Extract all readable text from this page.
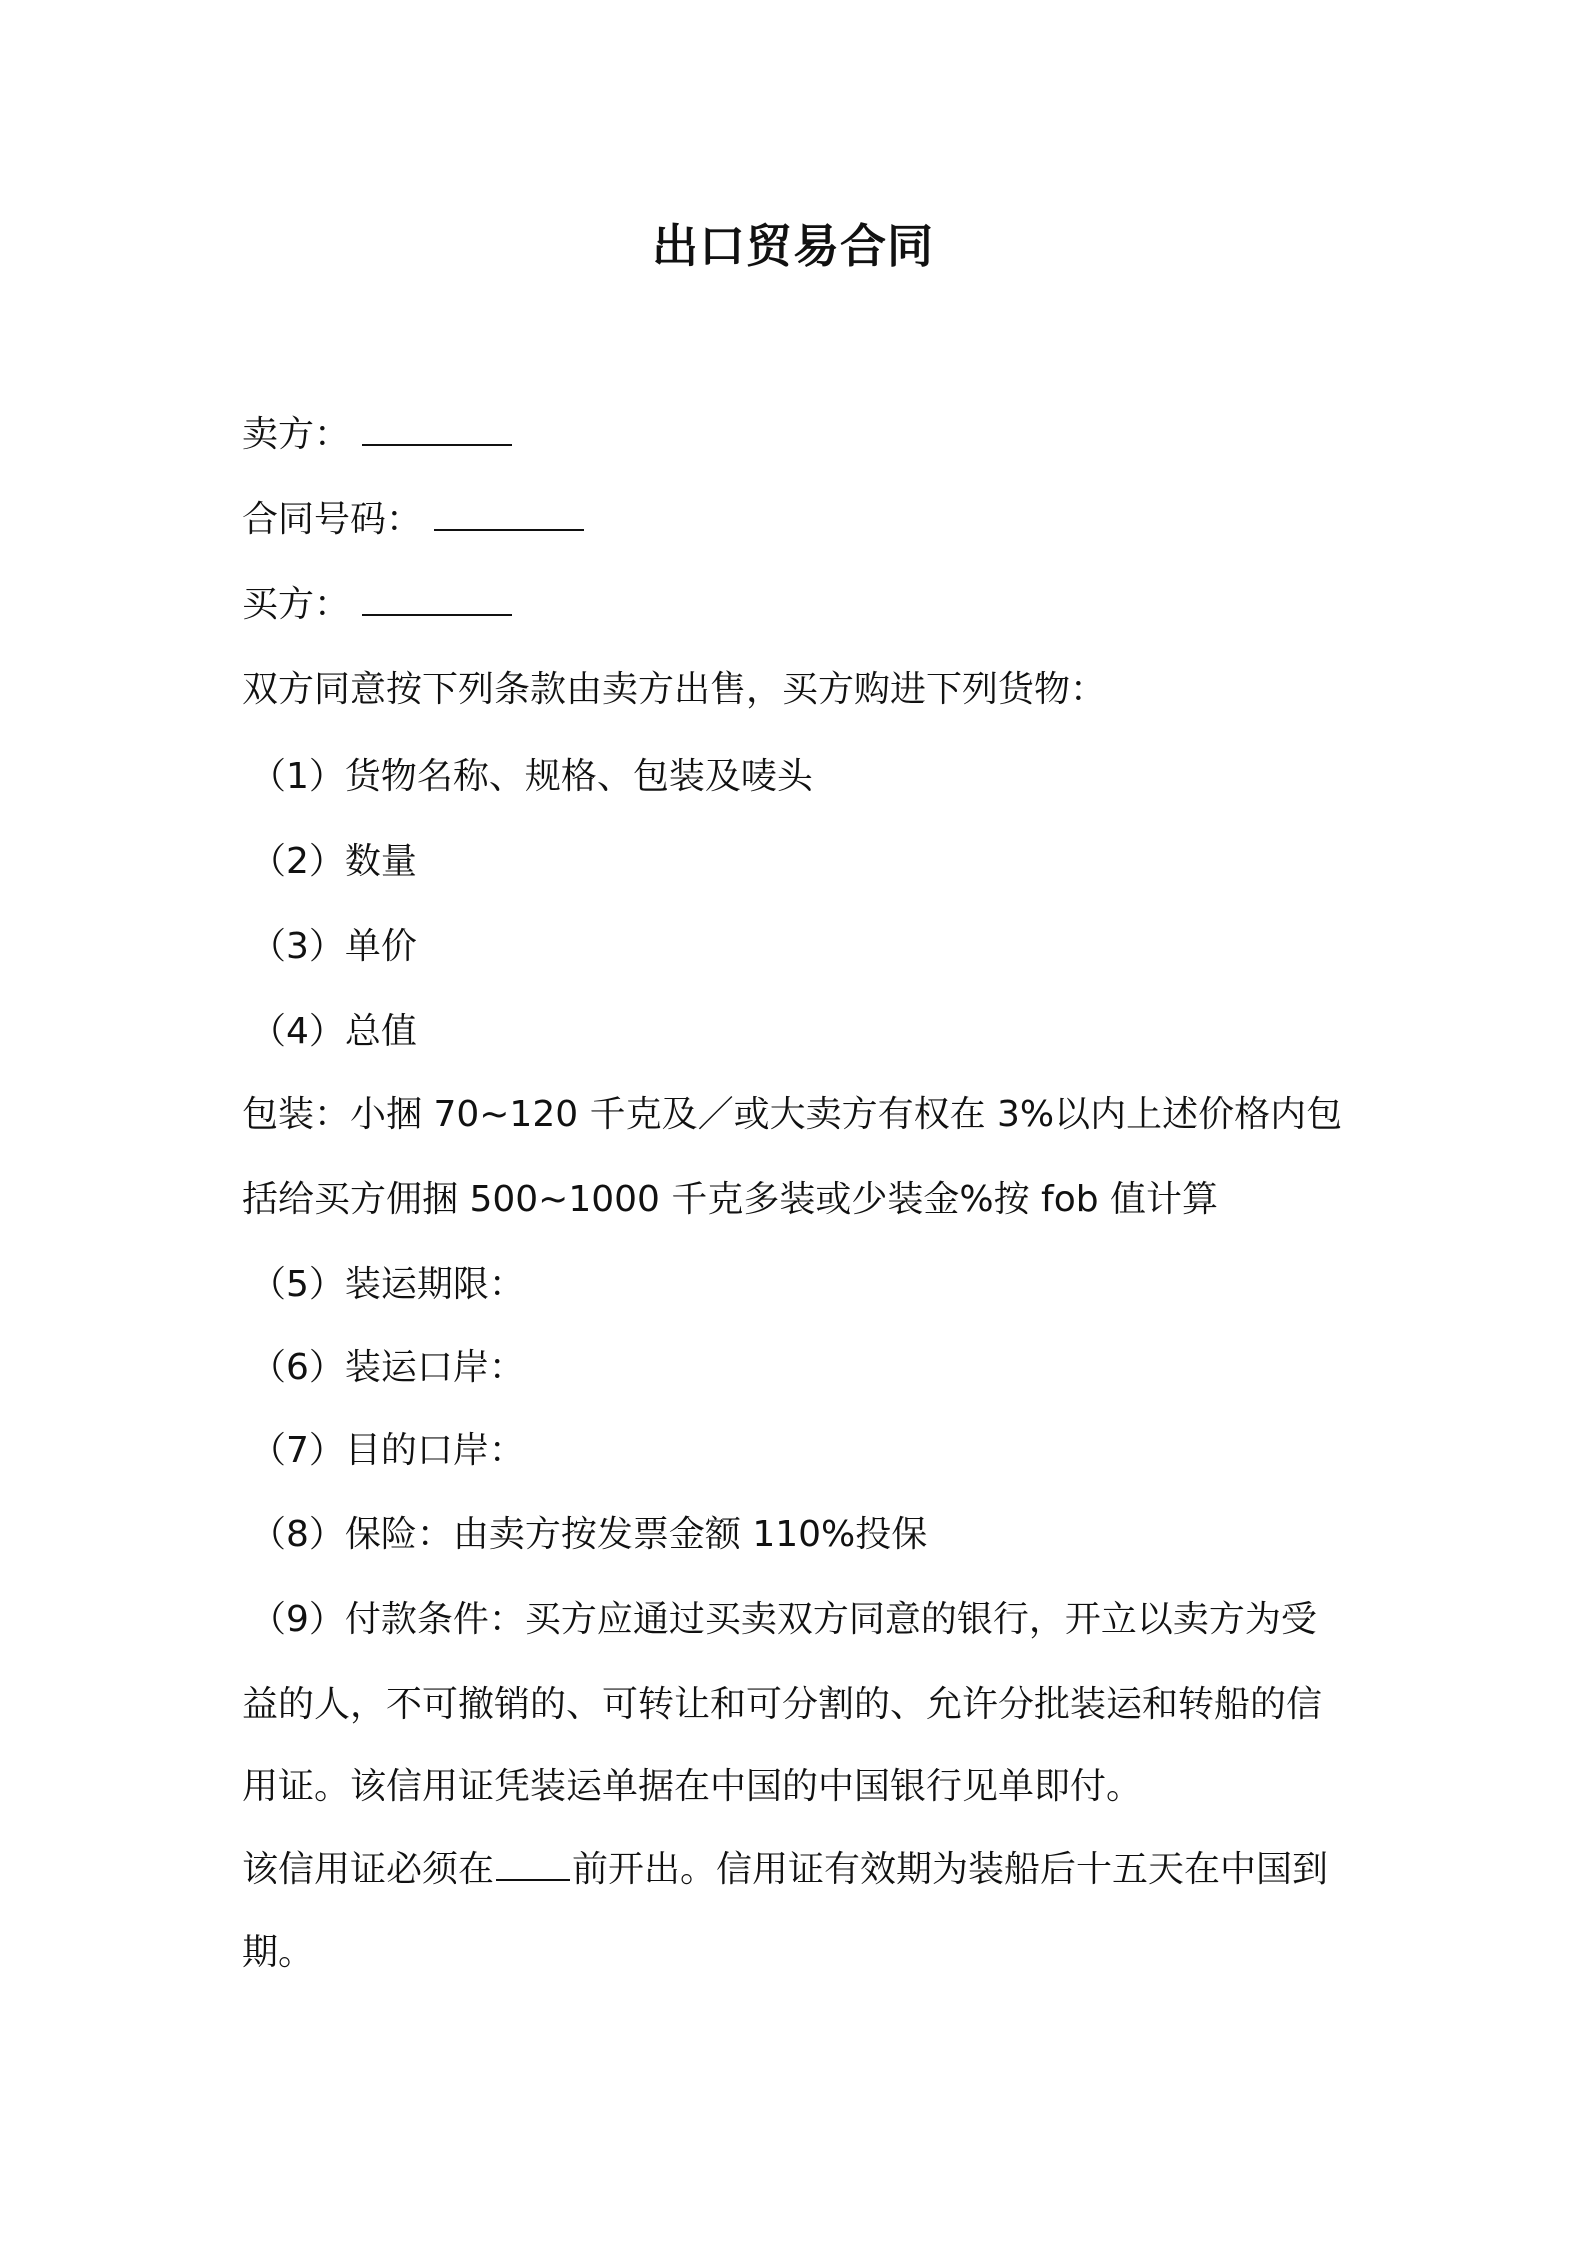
出口贸易合同

卖方：

合同号码：

买方：

双方同意按下列条款由卖方出售，买方购进下列货物：

（1）货物名称、规格、包装及唛头

（2）数量

（3）单价

（4）总值

包装：小捆 70~120 千克及／或大卖方有权在 3%以内上述价格内包

括给买方佣捆 500~1000 千克多装或少装金%按 fob 值计算

（5）装运期限：

（6）装运口岸：

（7）目的口岸：

（8）保险：由卖方按发票金额 110%投保

（9）付款条件：买方应通过买卖双方同意的银行，开立以卖方为受

益的人，不可撤销的、可转让和可分割的、允许分批装运和转船的信

用证。该信用证凭装运单据在中国的中国银行见单即付。

该信用证必须在 前开出。信用证有效期为装船后十五天在中国到

期。
